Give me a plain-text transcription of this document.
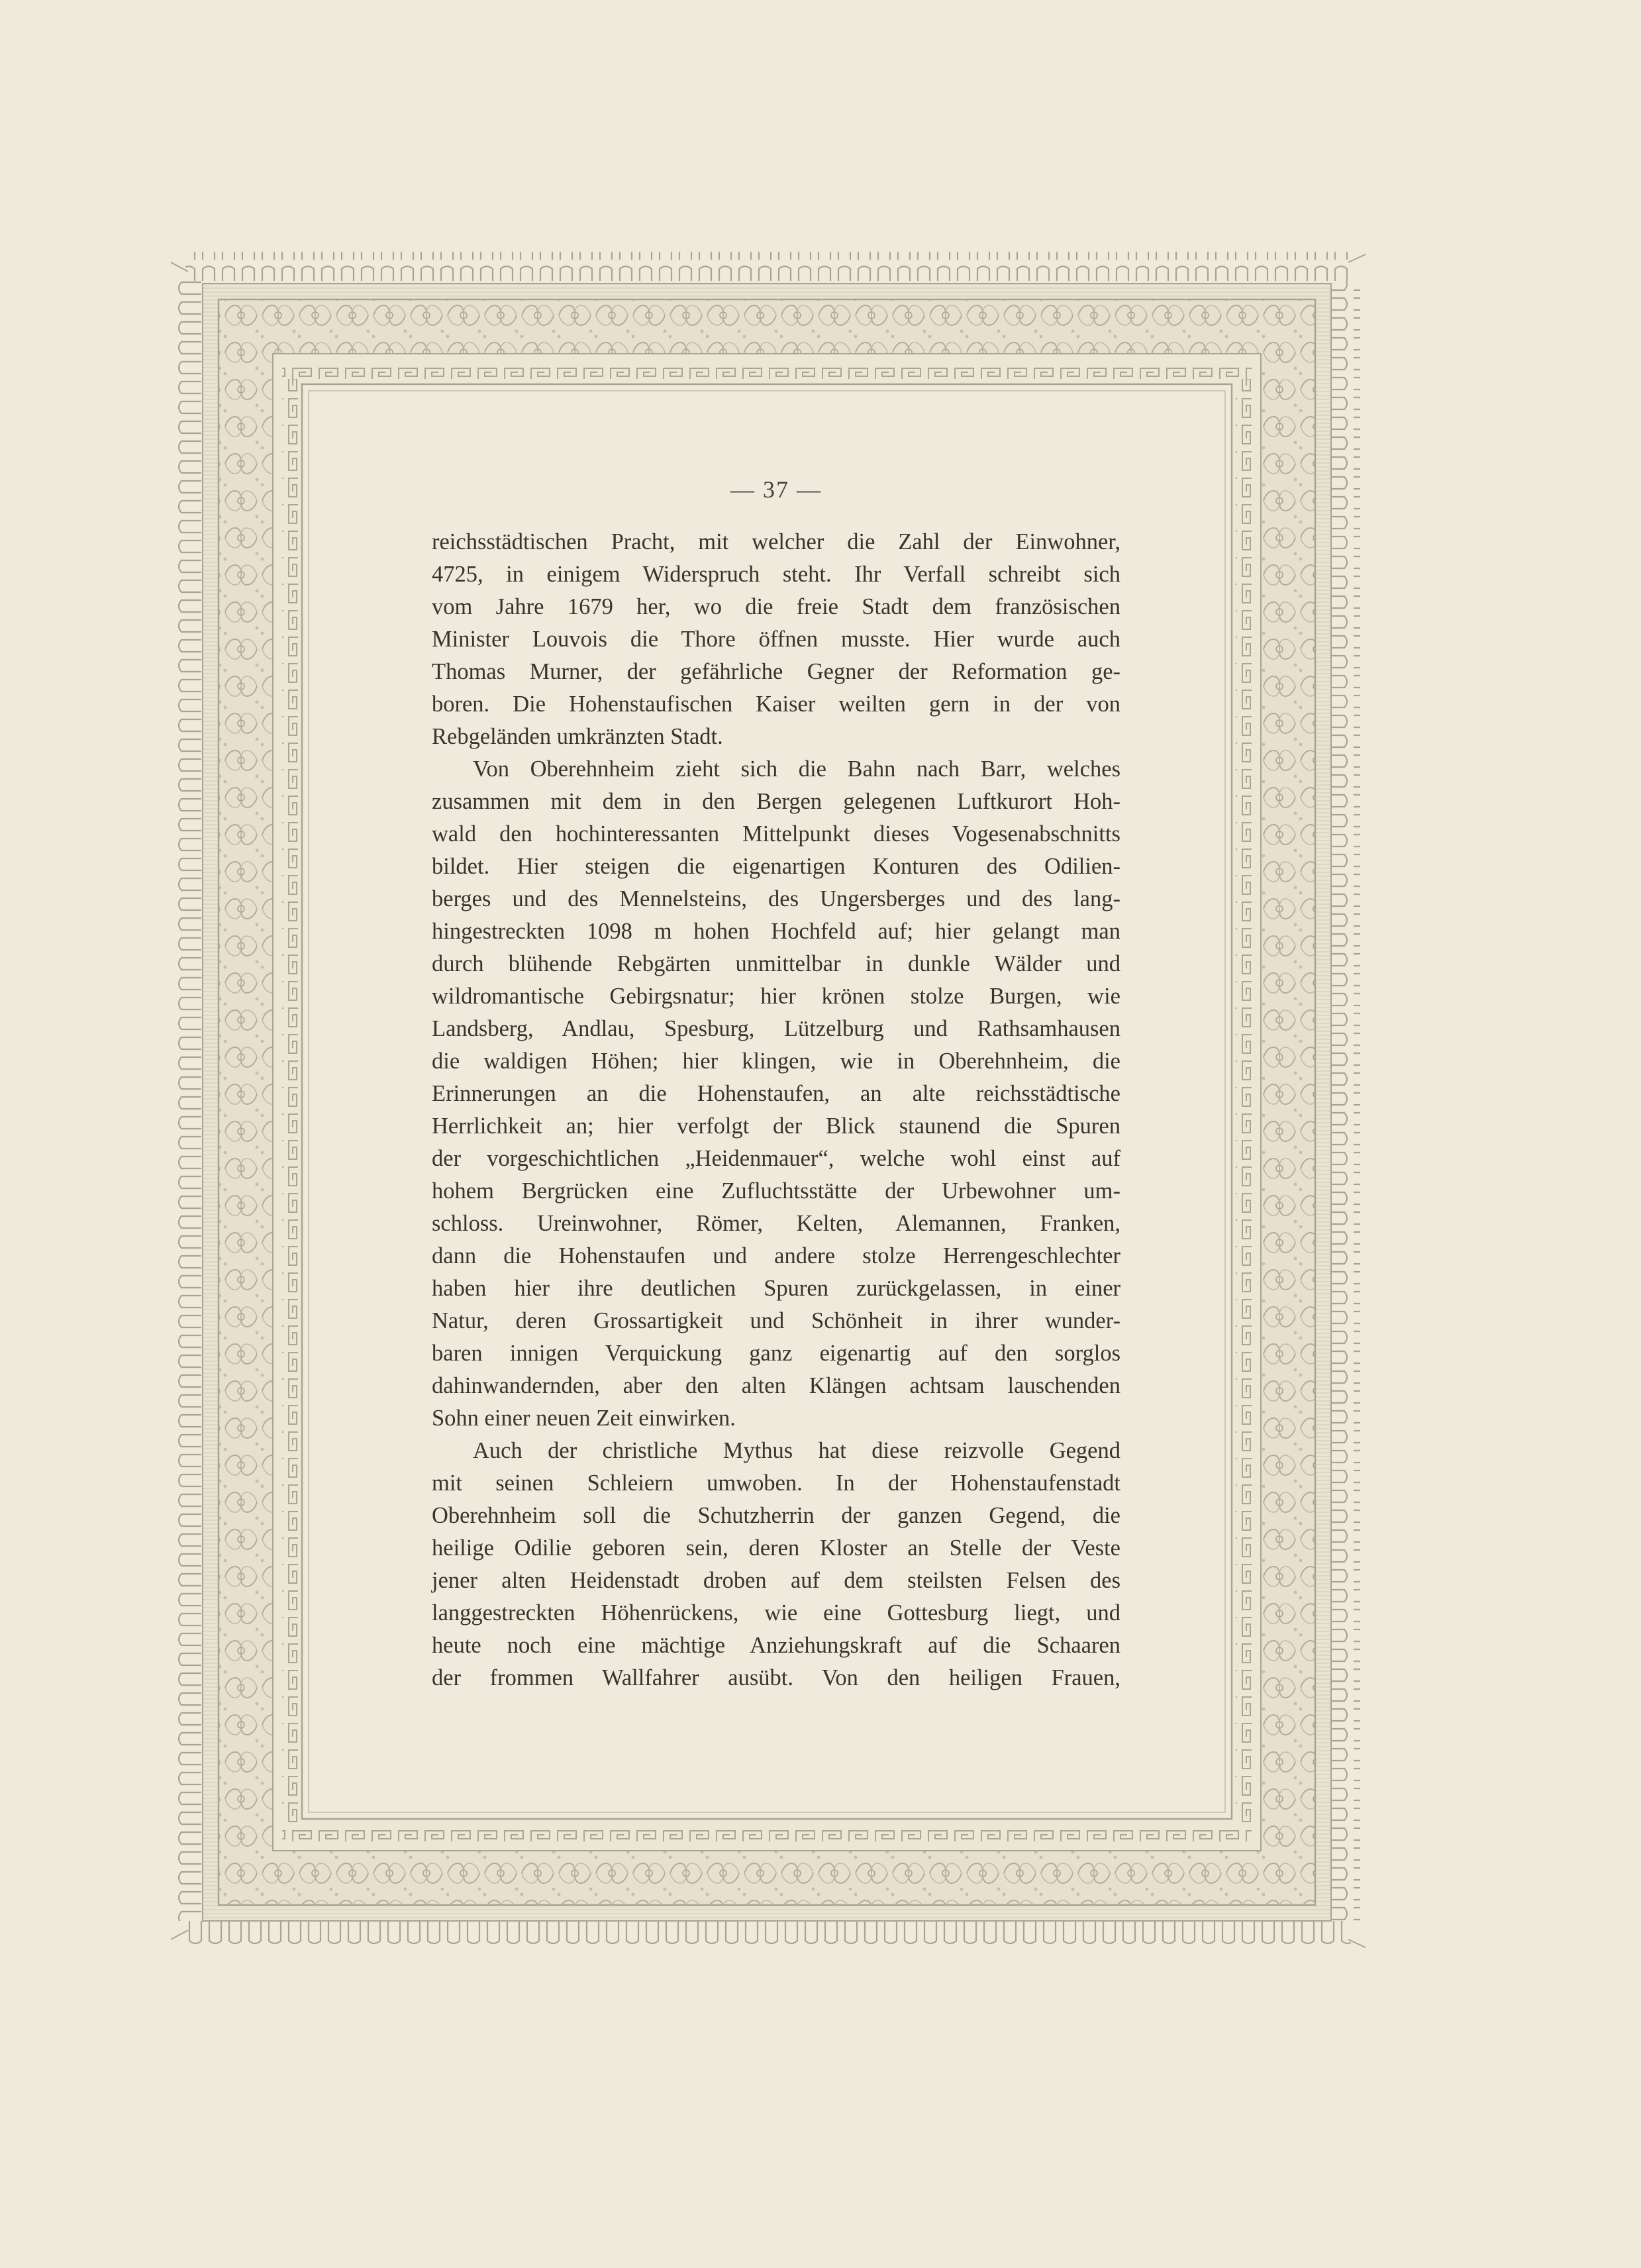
— 37 —
reichsstädtischen Pracht, mit welcher die Zahl der Einwohner,
4725, in einigem Widerspruch steht. Ihr Verfall schreibt sich
vom Jahre 1679 her, wo die freie Stadt dem französischen
Minister Louvois die Thore öffnen musste. Hier wurde auch
Thomas Murner, der gefährliche Gegner der Reformation ge-
boren. Die Hohenstaufischen Kaiser weilten gern in der von
Rebgeländen umkränzten Stadt.
Von Oberehnheim zieht sich die Bahn nach Barr, welches
zusammen mit dem in den Bergen gelegenen Luftkurort Hoh-
wald den hochinteressanten Mittelpunkt dieses Vogesenabschnitts
bildet. Hier steigen die eigenartigen Konturen des Odilien-
berges und des Mennelsteins, des Ungersberges und des lang-
hingestreckten 1098 m hohen Hochfeld auf; hier gelangt man
durch blühende Rebgärten unmittelbar in dunkle Wälder und
wildromantische Gebirgsnatur; hier krönen stolze Burgen, wie
Landsberg, Andlau, Spesburg, Lützelburg und Rathsamhausen
die waldigen Höhen; hier klingen, wie in Oberehnheim, die
Erinnerungen an die Hohenstaufen, an alte reichsstädtische
Herrlichkeit an; hier verfolgt der Blick staunend die Spuren
der vorgeschichtlichen „Heidenmauer“, welche wohl einst auf
hohem Bergrücken eine Zufluchtsstätte der Urbewohner um-
schloss. Ureinwohner, Römer, Kelten, Alemannen, Franken,
dann die Hohenstaufen und andere stolze Herrengeschlechter
haben hier ihre deutlichen Spuren zurückgelassen, in einer
Natur, deren Grossartigkeit und Schönheit in ihrer wunder-
baren innigen Verquickung ganz eigenartig auf den sorglos
dahinwandernden, aber den alten Klängen achtsam lauschenden
Sohn einer neuen Zeit einwirken.
Auch der christliche Mythus hat diese reizvolle Gegend
mit seinen Schleiern umwoben. In der Hohenstaufenstadt
Oberehnheim soll die Schutzherrin der ganzen Gegend, die
heilige Odilie geboren sein, deren Kloster an Stelle der Veste
jener alten Heidenstadt droben auf dem steilsten Felsen des
langgestreckten Höhenrückens, wie eine Gottesburg liegt, und
heute noch eine mächtige Anziehungskraft auf die Schaaren
der frommen Wallfahrer ausübt. Von den heiligen Frauen,
